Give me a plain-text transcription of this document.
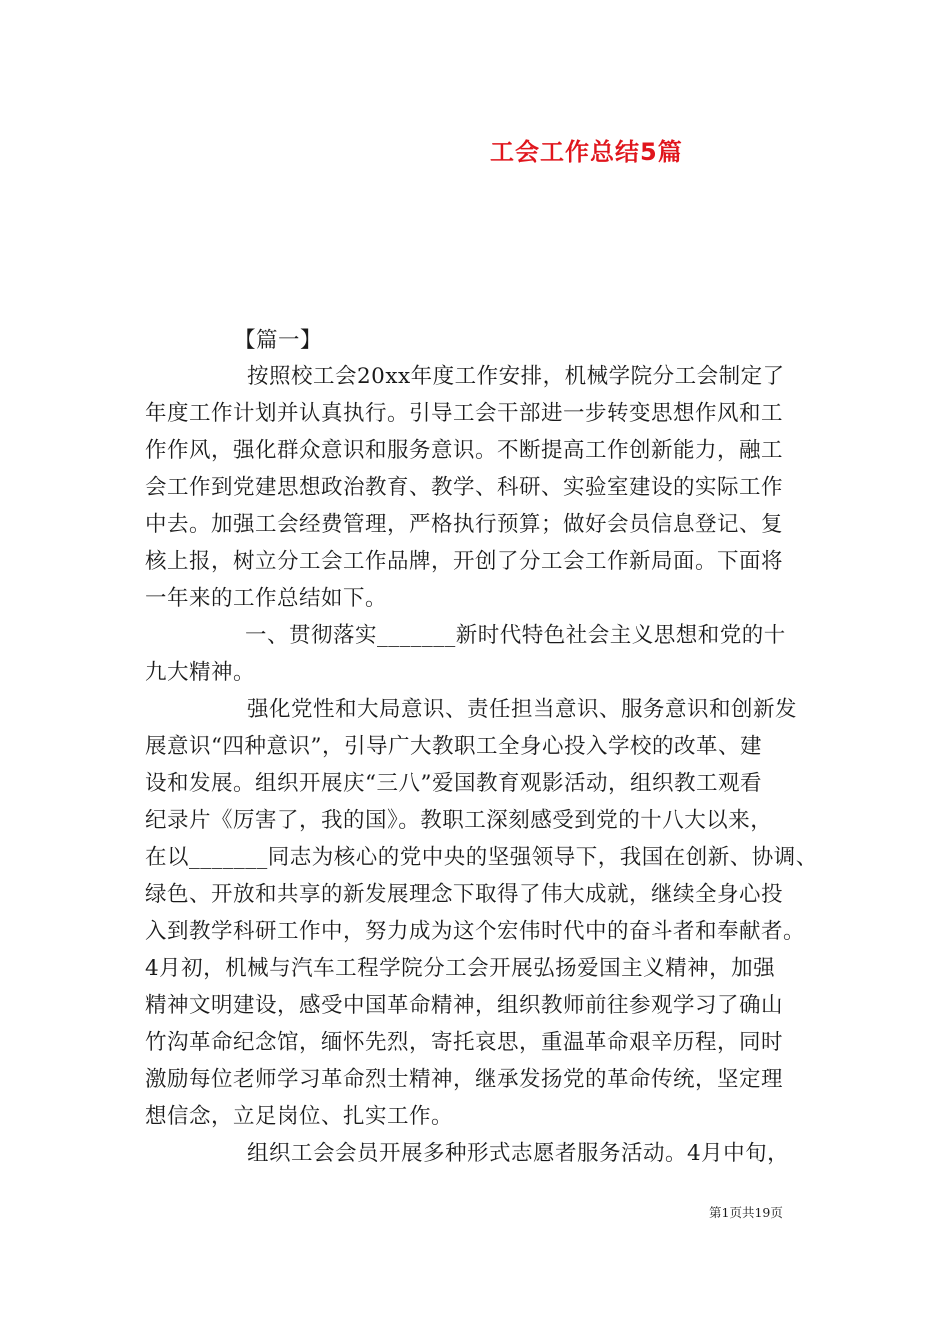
工会工作总结5篇
【篇一】
按照校工会20xx年度工作安排，机械学院分工会制定了
年度工作计划并认真执行。引导工会干部进一步转变思想作风和工
作作风，强化群众意识和服务意识。不断提高工作创新能力，融工
会工作到党建思想政治教育、教学、科研、实验室建设的实际工作
中去。加强工会经费管理，严格执行预算；做好会员信息登记、复
核上报，树立分工会工作品牌，开创了分工会工作新局面。下面将
一年来的工作总结如下。
一、贯彻落实_______新时代特色社会主义思想和党的十
九大精神。
强化党性和大局意识、责任担当意识、服务意识和创新发
展意识“四种意识”，引导广大教职工全身心投入学校的改革、建
设和发展。组织开展庆“三八”爱国教育观影活动，组织教工观看
纪录片《厉害了，我的国》。教职工深刻感受到党的十八大以来，
在以_______同志为核心的党中央的坚强领导下，我国在创新、协调、
绿色、开放和共享的新发展理念下取得了伟大成就，继续全身心投
入到教学科研工作中，努力成为这个宏伟时代中的奋斗者和奉献者。
4月初，机械与汽车工程学院分工会开展弘扬爱国主义精神，加强
精神文明建设，感受中国革命精神，组织教师前往参观学习了确山
竹沟革命纪念馆，缅怀先烈，寄托哀思，重温革命艰辛历程，同时
激励每位老师学习革命烈士精神，继承发扬党的革命传统，坚定理
想信念，立足岗位、扎实工作。
组织工会会员开展多种形式志愿者服务活动。4月中旬，
第1页共19页
